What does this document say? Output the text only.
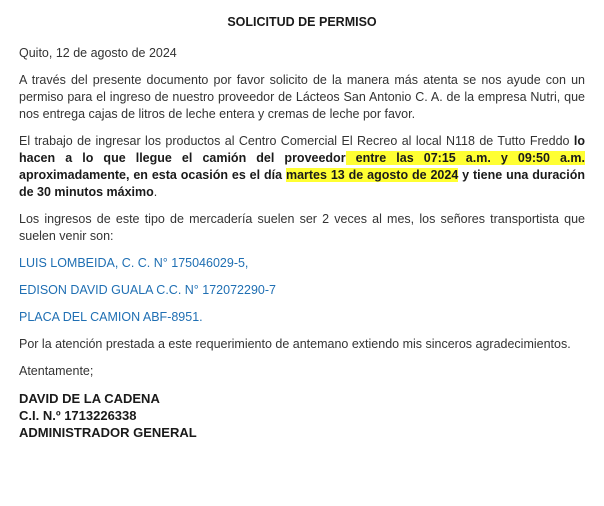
SOLICITUD DE PERMISO

Quito, 12 de agosto de 2024

A través del presente documento por favor solicito de la manera más atenta se nos ayude con un permiso para el ingreso de nuestro proveedor de Lácteos San Antonio C. A. de la empresa Nutri, que nos entrega cajas de litros de leche entera y cremas de leche por favor.

El trabajo de ingresar los productos al Centro Comercial El Recreo al local N118 de Tutto Freddo lo hacen a lo que llegue el camión del proveedor entre las 07:15 a.m. y 09:50 a.m. aproximadamente, en esta ocasión es el día martes 13 de agosto de 2024 y tiene una duración de 30 minutos máximo.

Los ingresos de este tipo de mercadería suelen ser 2 veces al mes, los señores transportista que suelen venir son:

LUIS LOMBEIDA, C. C. N° 175046029-5,

EDISON DAVID GUALA C.C. N° 172072290-7

PLACA DEL CAMION ABF-8951.

Por la atención prestada a este requerimiento de antemano extiendo mis sinceros agradecimientos.

Atentamente;

DAVID DE LA CADENA

C.I. N.º 1713226338

ADMINISTRADOR GENERAL
